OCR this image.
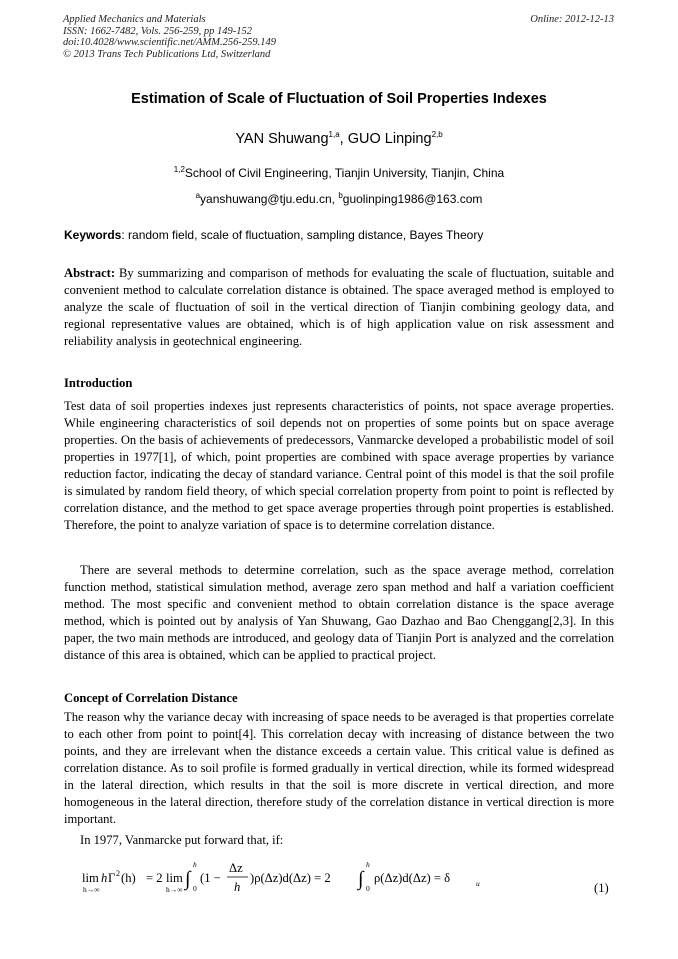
Applied Mechanics and Materials
ISSN: 1662-7482, Vols. 256-259, pp 149-152
doi:10.4028/www.scientific.net/AMM.256-259.149
© 2013 Trans Tech Publications Ltd, Switzerland
Online: 2012-12-13
Estimation of Scale of Fluctuation of Soil Properties Indexes
YAN Shuwang$^{1,a}$, GUO Linping$^{2,b}$
$^{1,2}$School of Civil Engineering, Tianjin University, Tianjin, China
$^a$yanshuwang@tju.edu.cn, $^b$guolinping1986@163.com
Keywords: random field, scale of fluctuation, sampling distance, Bayes Theory
Abstract: By summarizing and comparison of methods for evaluating the scale of fluctuation, suitable and convenient method to calculate correlation distance is obtained. The space averaged method is employed to analyze the scale of fluctuation of soil in the vertical direction of Tianjin combining geology data, and regional representative values are obtained, which is of high application value on risk assessment and reliability analysis in geotechnical engineering.
Introduction
Test data of soil properties indexes just represents characteristics of points, not space average properties. While engineering characteristics of soil depends not on properties of some points but on space average properties. On the basis of achievements of predecessors, Vanmarcke developed a probabilistic model of soil properties in 1977[1], of which, point properties are combined with space average properties by variance reduction factor, indicating the decay of standard variance. Central point of this model is that the soil profile is simulated by random field theory, of which special correlation property from point to point is reflected by correlation distance, and the method to get space average properties through point properties is established. Therefore, the point to analyze variation of space is to determine correlation distance.
There are several methods to determine correlation, such as the space average method, correlation function method, statistical simulation method, average zero span method and half a variation coefficient method. The most specific and convenient method to obtain correlation distance is the space average method, which is pointed out by analysis of Yan Shuwang, Gao Dazhao and Bao Chenggang[2,3]. In this paper, the two main methods are introduced, and geology data of Tianjin Port is analyzed and the correlation distance of this area is obtained, which can be applied to practical project.
Concept of Correlation Distance
The reason why the variance decay with increasing of space needs to be averaged is that properties correlate to each other from point to point[4]. This correlation decay with increasing of distance between the two points, and they are irrelevant when the distance exceeds a certain value. This critical value is defined as correlation distance. As to soil profile is formed gradually in vertical direction, while its formed widespread in the lateral direction, which results in that the soil is more discrete in vertical direction, and more homogeneous in the lateral direction, therefore study of the correlation distance in vertical direction is more important.
In 1977, Vanmarcke put forward that, if:
lim
h→∞
h Γ 2 (h) = 2 lim
h→∞ ∫
h
0
(1 −
Δz
h
)ρ(Δz)d(Δz) = 2 ∫
h
0
ρ(Δz)d(Δz) = δ	u	(1)
